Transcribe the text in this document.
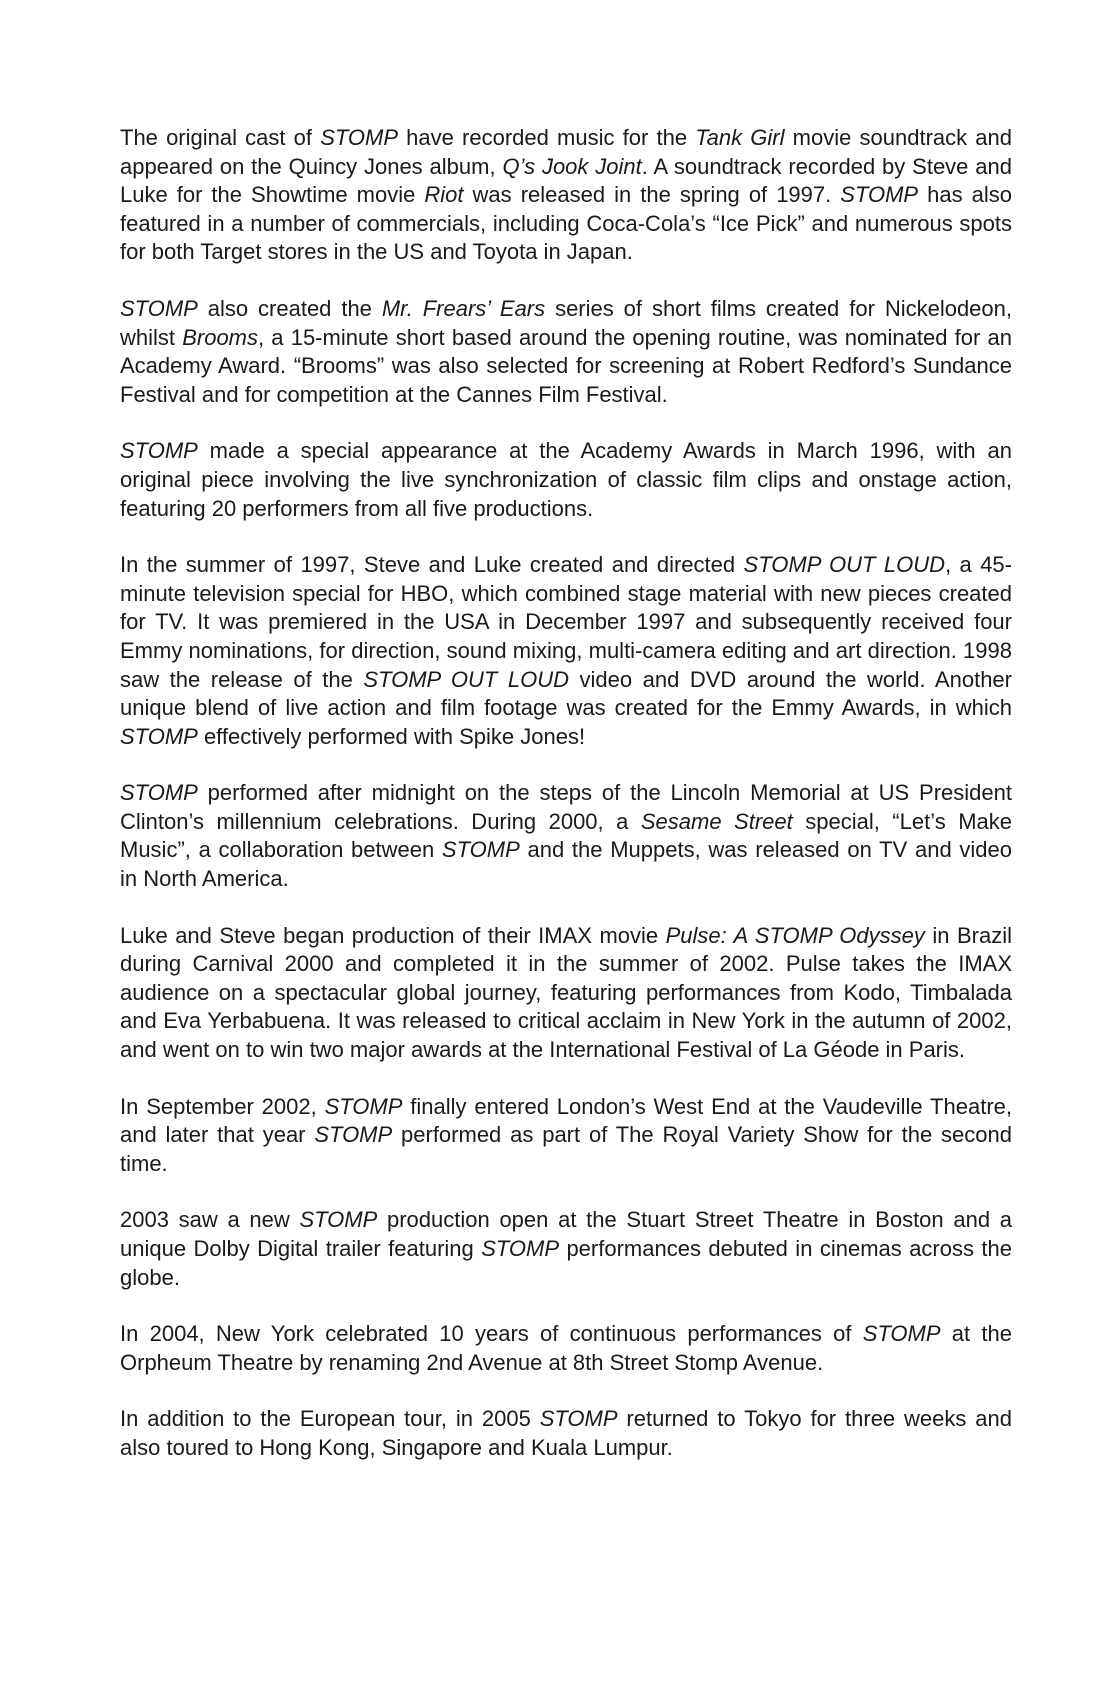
The original cast of STOMP have recorded music for the Tank Girl movie soundtrack and appeared on the Quincy Jones album, Q’s Jook Joint. A soundtrack recorded by Steve and Luke for the Showtime movie Riot was released in the spring of 1997. STOMP has also featured in a number of commercials, including Coca-Cola’s “Ice Pick” and numerous spots for both Target stores in the US and Toyota in Japan.

STOMP also created the Mr. Frears’ Ears series of short films created for Nickelodeon, whilst Brooms, a 15-minute short based around the opening routine, was nominated for an Academy Award. “Brooms” was also selected for screening at Robert Redford’s Sundance Festival and for competition at the Cannes Film Festival.

STOMP made a special appearance at the Academy Awards in March 1996, with an original piece involving the live synchronization of classic film clips and onstage action, featuring 20 performers from all five productions.

In the summer of 1997, Steve and Luke created and directed STOMP OUT LOUD, a 45-minute television special for HBO, which combined stage material with new pieces created for TV. It was premiered in the USA in December 1997 and subsequently received four Emmy nominations, for direction, sound mixing, multi-camera editing and art direction. 1998 saw the release of the STOMP OUT LOUD video and DVD around the world. Another unique blend of live action and film footage was created for the Emmy Awards, in which STOMP effectively performed with Spike Jones!

STOMP performed after midnight on the steps of the Lincoln Memorial at US President Clinton’s millennium celebrations. During 2000, a Sesame Street special, “Let’s Make Music”, a collaboration between STOMP and the Muppets, was released on TV and video in North America.

Luke and Steve began production of their IMAX movie Pulse: A STOMP Odyssey in Brazil during Carnival 2000 and completed it in the summer of 2002. Pulse takes the IMAX audience on a spectacular global journey, featuring performances from Kodo, Timbalada and Eva Yerbabuena. It was released to critical acclaim in New York in the autumn of 2002, and went on to win two major awards at the International Festival of La Géode in Paris.

In September 2002, STOMP finally entered London’s West End at the Vaudeville Theatre, and later that year STOMP performed as part of The Royal Variety Show for the second time.

2003 saw a new STOMP production open at the Stuart Street Theatre in Boston and a unique Dolby Digital trailer featuring STOMP performances debuted in cinemas across the globe.

In 2004, New York celebrated 10 years of continuous performances of STOMP at the Orpheum Theatre by renaming 2nd Avenue at 8th Street Stomp Avenue.

In addition to the European tour, in 2005 STOMP returned to Tokyo for three weeks and also toured to Hong Kong, Singapore and Kuala Lumpur.
